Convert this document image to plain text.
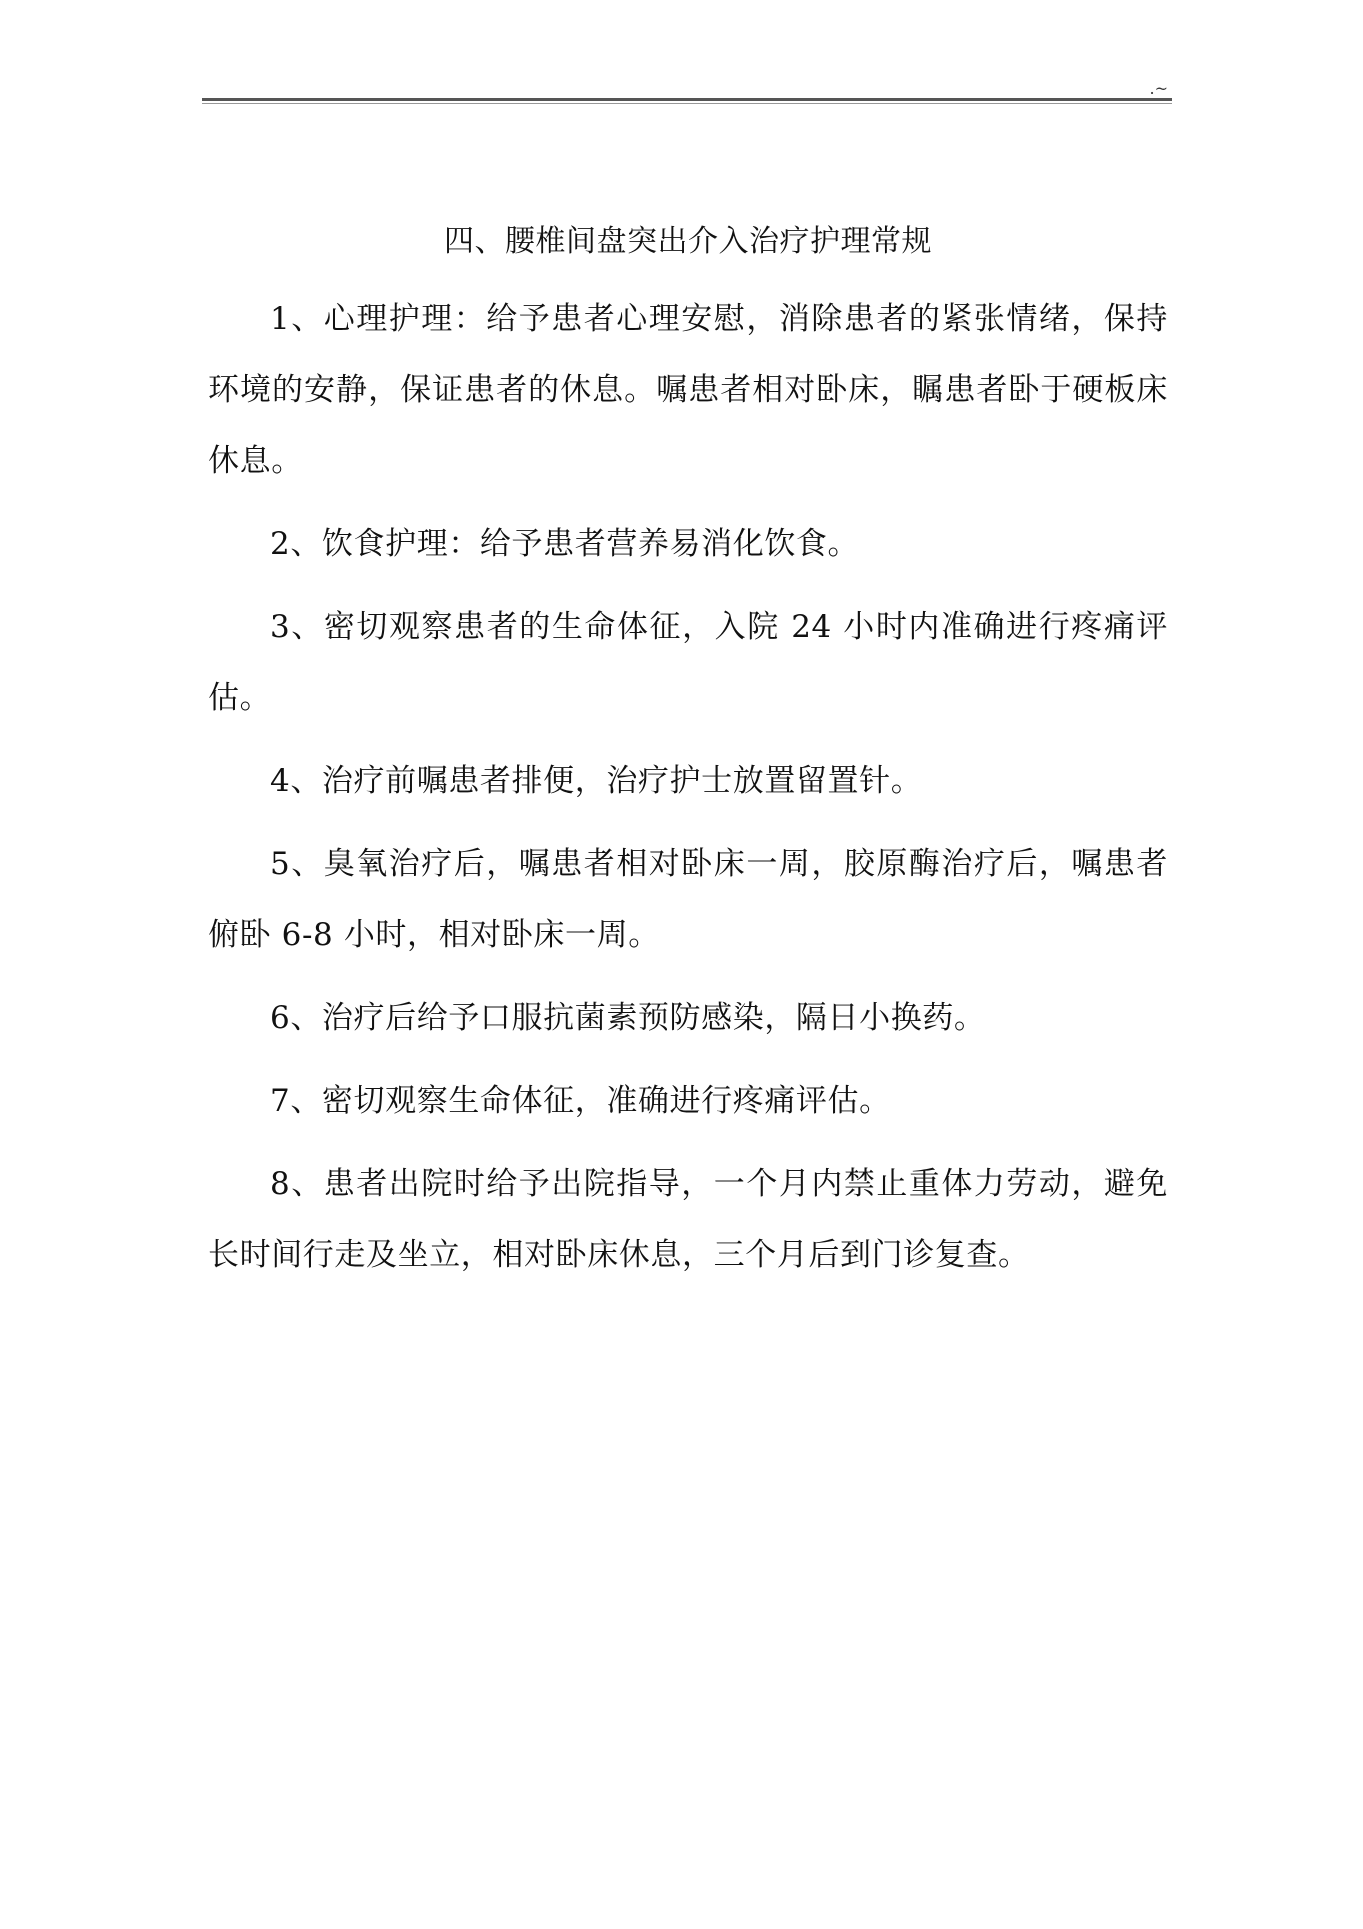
.~
四、腰椎间盘突出介入治疗护理常规

1、心理护理：给予患者心理安慰，消除患者的紧张情绪，保持环境的安静，保证患者的休息。嘱患者相对卧床，瞩患者卧于硬板床休息。

2、饮食护理：给予患者营养易消化饮食。

3、密切观察患者的生命体征，入院 24 小时内准确进行疼痛评估。

4、治疗前嘱患者排便，治疗护士放置留置针。

5、臭氧治疗后，嘱患者相对卧床一周，胶原酶治疗后，嘱患者俯卧 6-8 小时，相对卧床一周。

6、治疗后给予口服抗菌素预防感染，隔日小换药。

7、密切观察生命体征，准确进行疼痛评估。

8、患者出院时给予出院指导，一个月内禁止重体力劳动，避免长时间行走及坐立，相对卧床休息，三个月后到门诊复查。
